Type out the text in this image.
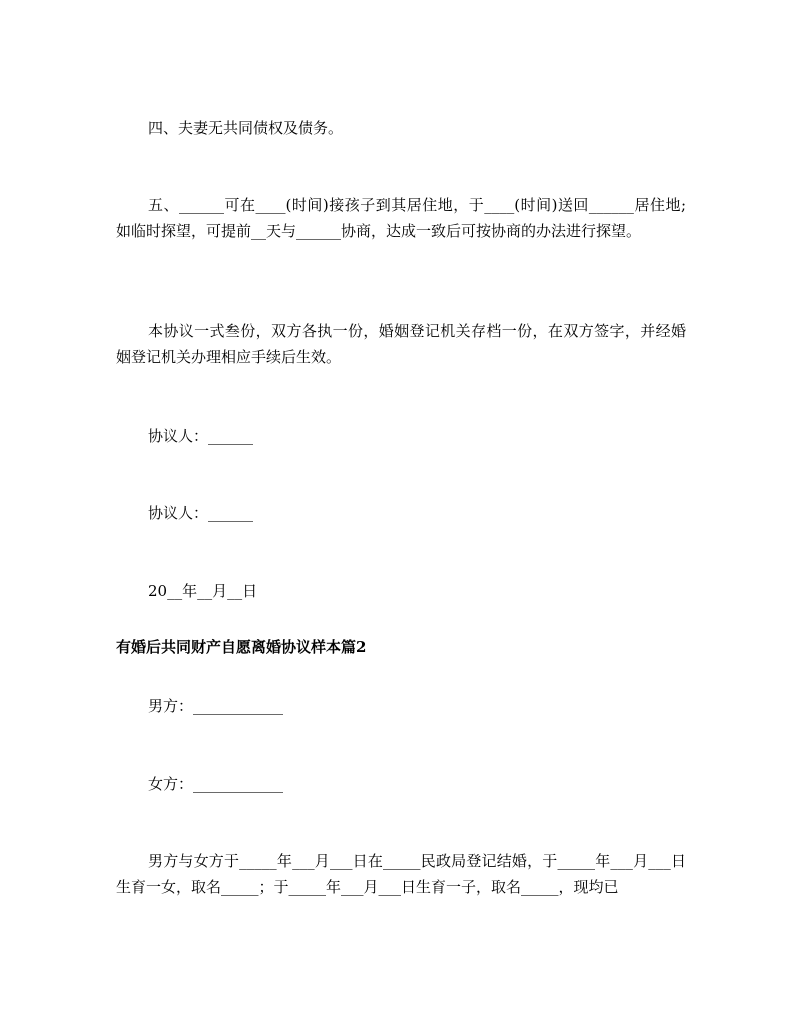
四、夫妻无共同债权及债务。

五、______可在____(时间)接孩子到其居住地，于____(时间)送回______居住地;如临时探望，可提前__天与______协商，达成一致后可按协商的办法进行探望。

本协议一式叁份，双方各执一份，婚姻登记机关存档一份，在双方签字，并经婚姻登记机关办理相应手续后生效。

协议人：______

协议人：______

20__年__月__日

有婚后共同财产自愿离婚协议样本篇2

男方：____________

女方：____________

男方与女方于_____年___月___日在_____民政局登记结婚，于_____年___月___日生育一女，取名_____；于_____年___月___日生育一子，取名_____，现均已
